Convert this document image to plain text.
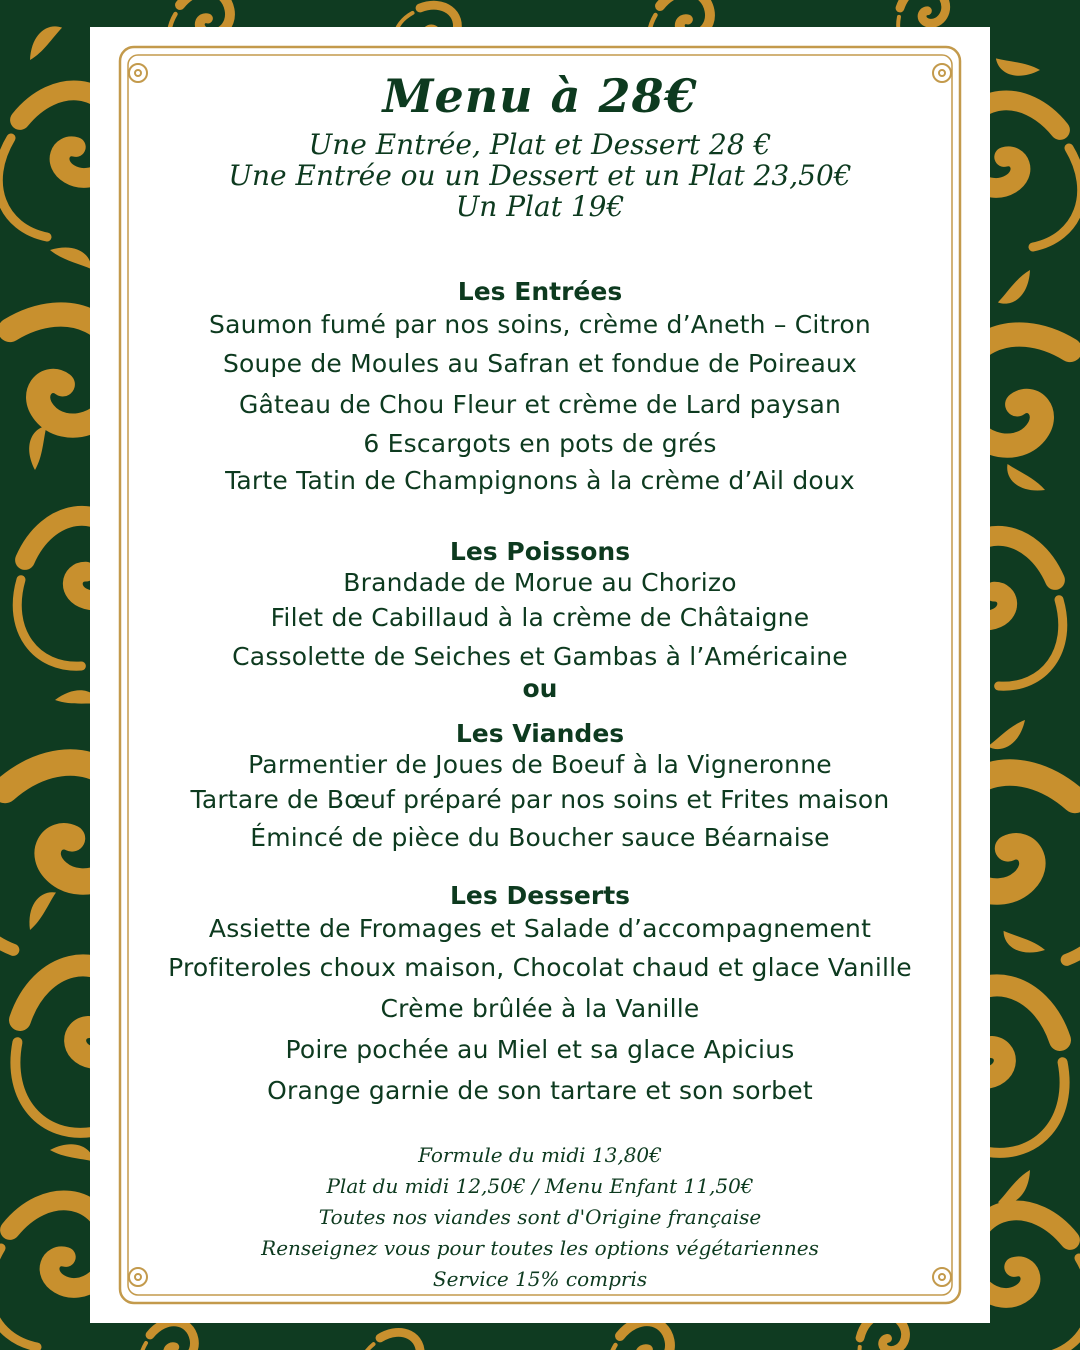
Menu à 28€
Une Entrée, Plat et Dessert 28 €
Une Entrée ou un Dessert et un Plat 23,50€
Un Plat 19€
Les Entrées
Saumon fumé par nos soins, crème d’Aneth – Citron
Soupe de Moules au Safran et fondue de Poireaux
Gâteau de Chou Fleur et crème de Lard paysan
6 Escargots en pots de grés
Tarte Tatin de Champignons à la crème d’Ail doux
Les Poissons
Brandade de Morue au Chorizo
Filet de Cabillaud à la crème de Châtaigne
Cassolette de Seiches et Gambas à l’Américaine
ou
Les Viandes
Parmentier de Joues de Boeuf à la Vigneronne
Tartare de Bœuf préparé par nos soins et Frites maison
Émincé de pièce du Boucher sauce Béarnaise
Les Desserts
Assiette de Fromages et Salade d’accompagnement
Profiteroles choux maison, Chocolat chaud et glace Vanille
Crème brûlée à la Vanille
Poire pochée au Miel et sa glace Apicius
Orange garnie de son tartare et son sorbet
Formule du midi 13,80€
Plat du midi 12,50€ / Menu Enfant 11,50€
Toutes nos viandes sont d'Origine française
Renseignez vous pour toutes les options végétariennes
Service 15% compris
